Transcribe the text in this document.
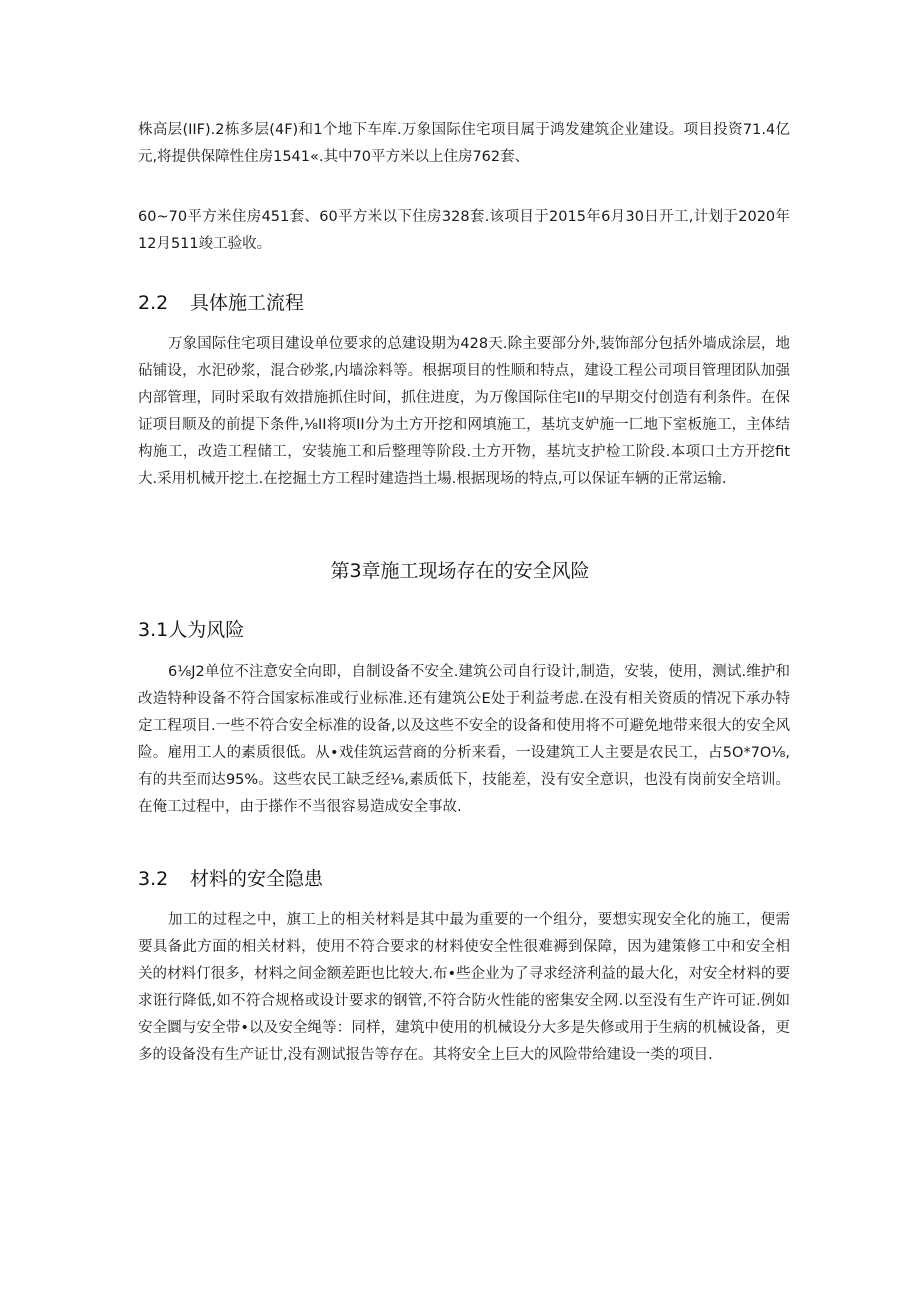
株高层(IIF).2栋多层(4F)和1个地下车库.万象国际住宅项目属于鸿发建筑企业建设。项目投资71.4亿元,将提供保障性住房1541«.其中70平方米以上住房762套、

60~70平方米住房451套、60平方米以下住房328套.该项目于2015年6月30日开工,计划于2020年12月511竣工验收。

2.2 具体施工流程

万象国际住宅项目建设单位要求的总建设期为428天.除主要部分外,装饰部分包括外墙成涂层，地砧铺设，水汜砂浆，混合砂浆,内墙涂料等。根据项目的性顺和特点，建设工程公司项目管理团队加强内部管理，同时采取有效措施抓住时间，抓住进度，为万像国际住宅II的早期交付创造有利条件。在保证项目顺及的前提下条件,⅛II将项II分为土方开挖和网填施工，基坑支妒施一匚地下室板施工，主体结构施工，改造工程储工，安装施工和后整理等阶段.土方开物，基坑支护检工阶段.本项口土方开挖fit大.采用机械开挖土.在挖掘土方工程时建造挡土場.根据现场的特点,可以保证车辆的正常运输.

第3章施工现场存在的安全风险
3.1人为风险

6⅛J2单位不注意安全向即，自制设备不安全.建筑公司自行设计,制造，安装，使用，测试.维护和改造特种设备不符合国家标准或行业标准.还有建筑公E处于利益考虑.在没有相关资质的情况下承办特定工程项目.一些不符合安全标准的设备,以及这些不安全的设备和使用将不可避免地带来很大的安全风险。雇用工人的素质很低。从•戏佳筑运营商的分析来看，一设建筑工人主要是农民工，占5O*7O⅛,有的共至而达95%。这些农民工缺乏经⅛,素质低下，技能差，没有安全意识，也没有岗前安全培训。在俺工过程中，由于搽作不当很容易造成安全事故.

3.2 材料的安全隐患

加工的过程之中，旗工上的相关材料是其中最为重要的一个组分，要想实现安全化的施工，便需要具备此方面的相关材料，使用不符合要求的材料使安全性很难褥到保障，因为建策修工中和安全相关的材料仃很多，材料之间金额差距也比较大.布•些企业为了寻求经济利益的最大化，对安全材料的要求诳行降低,如不符合规格或设计要求的钢管,不符合防火性能的密集安全网.以至没有生产许可证.例如安全圜与安全带•以及安全绳等：同样，建筑中使用的机械设分大多是失修或用于生病的机械设备，更多的设备没有生产证廿,没有测试报告等存在。其将安全上巨大的风险带给建设一类的项目.
